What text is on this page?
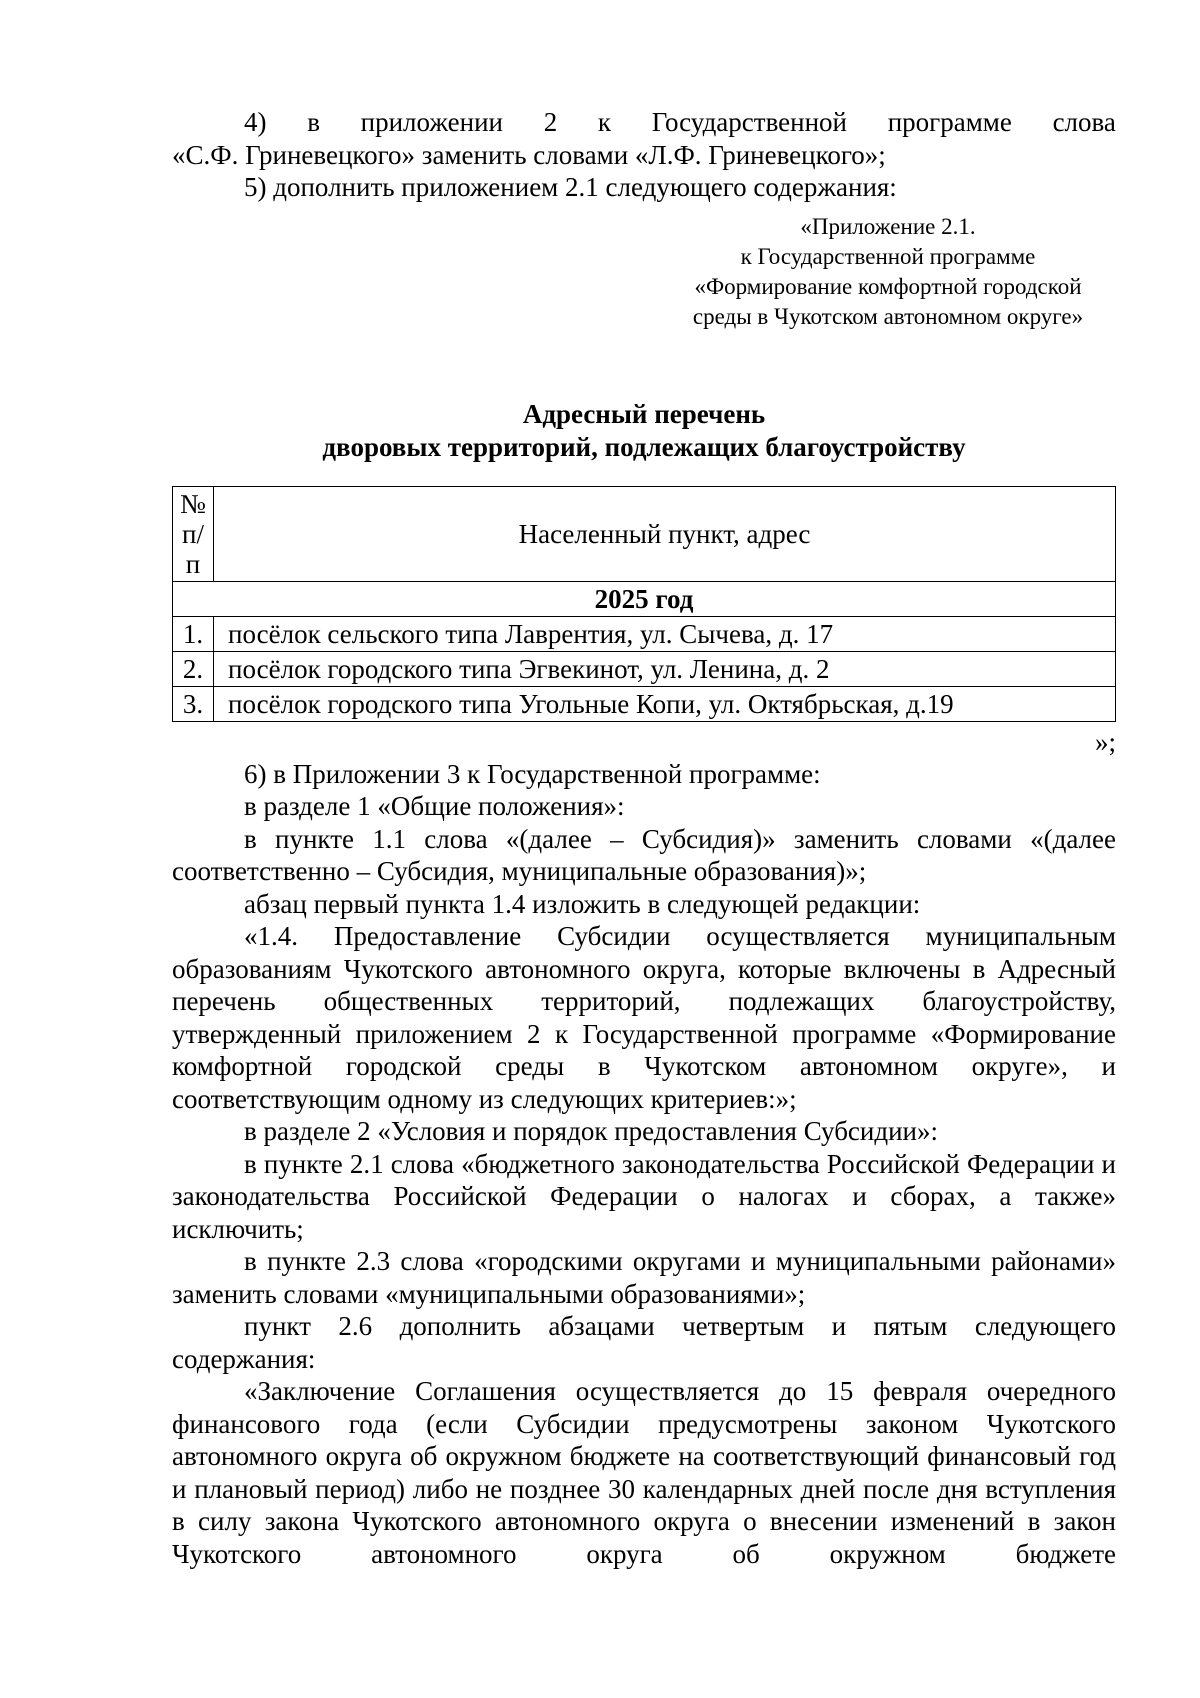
4) в приложении 2 к Государственной программе слова

«С.Ф. Гриневецкого» заменить словами «Л.Ф. Гриневецкого»;

5) дополнить приложением 2.1 следующего содержания:

«Приложение 2.1.
к Государственной программе
«Формирование комфортной городской
среды в Чукотском автономном округе»
Адресный перечень
дворовых территорий, подлежащих благоустройству
№ п/п	Населенный пункт, адрес
2025 год	
1.	посёлок сельского типа Лаврентия, ул. Сычева, д. 17
2.	посёлок городского типа Эгвекинот, ул. Ленина, д. 2
3.	посёлок городского типа Угольные Копи, ул. Октябрьская, д.19
»;

6) в Приложении 3 к Государственной программе:

в разделе 1 «Общие положения»:

в пункте 1.1 слова «(далее – Субсидия)» заменить словами «(далее соответственно – Субсидия, муниципальные образования)»;

абзац первый пункта 1.4 изложить в следующей редакции:

«1.4. Предоставление Субсидии осуществляется муниципальным образованиям Чукотского автономного округа, которые включены в Адресный перечень общественных территорий, подлежащих благоустройству, утвержденный приложением 2 к Государственной программе «Формирование комфортной городской среды в Чукотском автономном округе», и соответствующим одному из следующих критериев:»;

в разделе 2 «Условия и порядок предоставления Субсидии»:

в пункте 2.1 слова «бюджетного законодательства Российской Федерации и законодательства Российской Федерации о налогах и сборах, а также» исключить;

в пункте 2.3 слова «городскими округами и муниципальными районами» заменить словами «муниципальными образованиями»;

пункт 2.6 дополнить абзацами четвертым и пятым следующего содержания:

«Заключение Соглашения осуществляется до 15 февраля очередного финансового года (если Субсидии предусмотрены законом Чукотского автономного округа об окружном бюджете на соответствующий финансовый год и плановый период) либо не позднее 30 календарных дней после дня вступления в силу закона Чукотского автономного округа о внесении изменений в закон Чукотского автономного округа об окружном бюджете
